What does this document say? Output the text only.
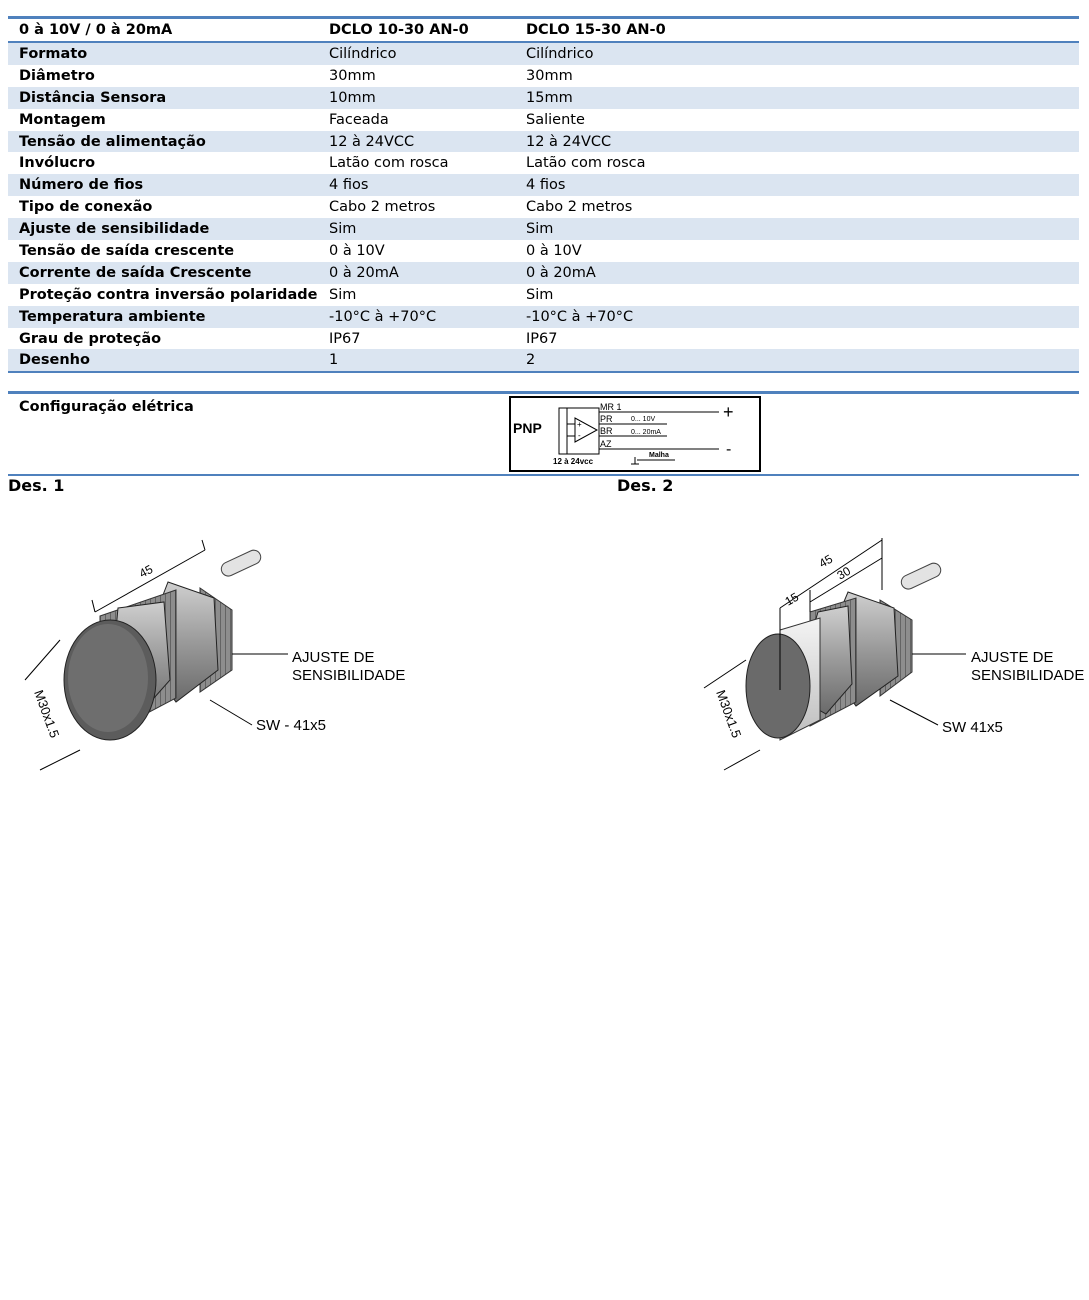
0 à 10V / 0 à 20mA	DCLO 10-30 AN-0	DCLO 15-30 AN-0
Formato	Cilíndrico	Cilíndrico
Diâmetro	30mm	30mm
Distância Sensora	10mm	15mm
Montagem	Faceada	Saliente
Tensão de alimentação	12 à 24VCC	12 à 24VCC
Invólucro	Latão com rosca	Latão com rosca
Número de fios	4 fios	4 fios
Tipo de conexão	Cabo 2 metros	Cabo 2 metros
Ajuste de sensibilidade	Sim	Sim
Tensão de saída crescente	0 à 10V	0 à 10V
Corrente de saída Crescente	0 à 20mA	0 à 20mA
Proteção contra inversão polaridade Sim	Sim
Temperatura ambiente	-10°C à +70°C	-10°C à +70°C
Grau de proteção	IP67	IP67
Desenho	1	2
Configuração elétrica
PNP	+
-
MR 1
PR
BR
AZ
0... 10V
0... 20mA
+
-
12 à 24vcc
Malha
Des. 1	Des. 2
45
M30x1.5
AJUSTE DE
SENSIBILIDADE
SW - 41x5
45
30
15
M30x1.5
AJUSTE DE
SENSIBILIDADE
SW 41x5
